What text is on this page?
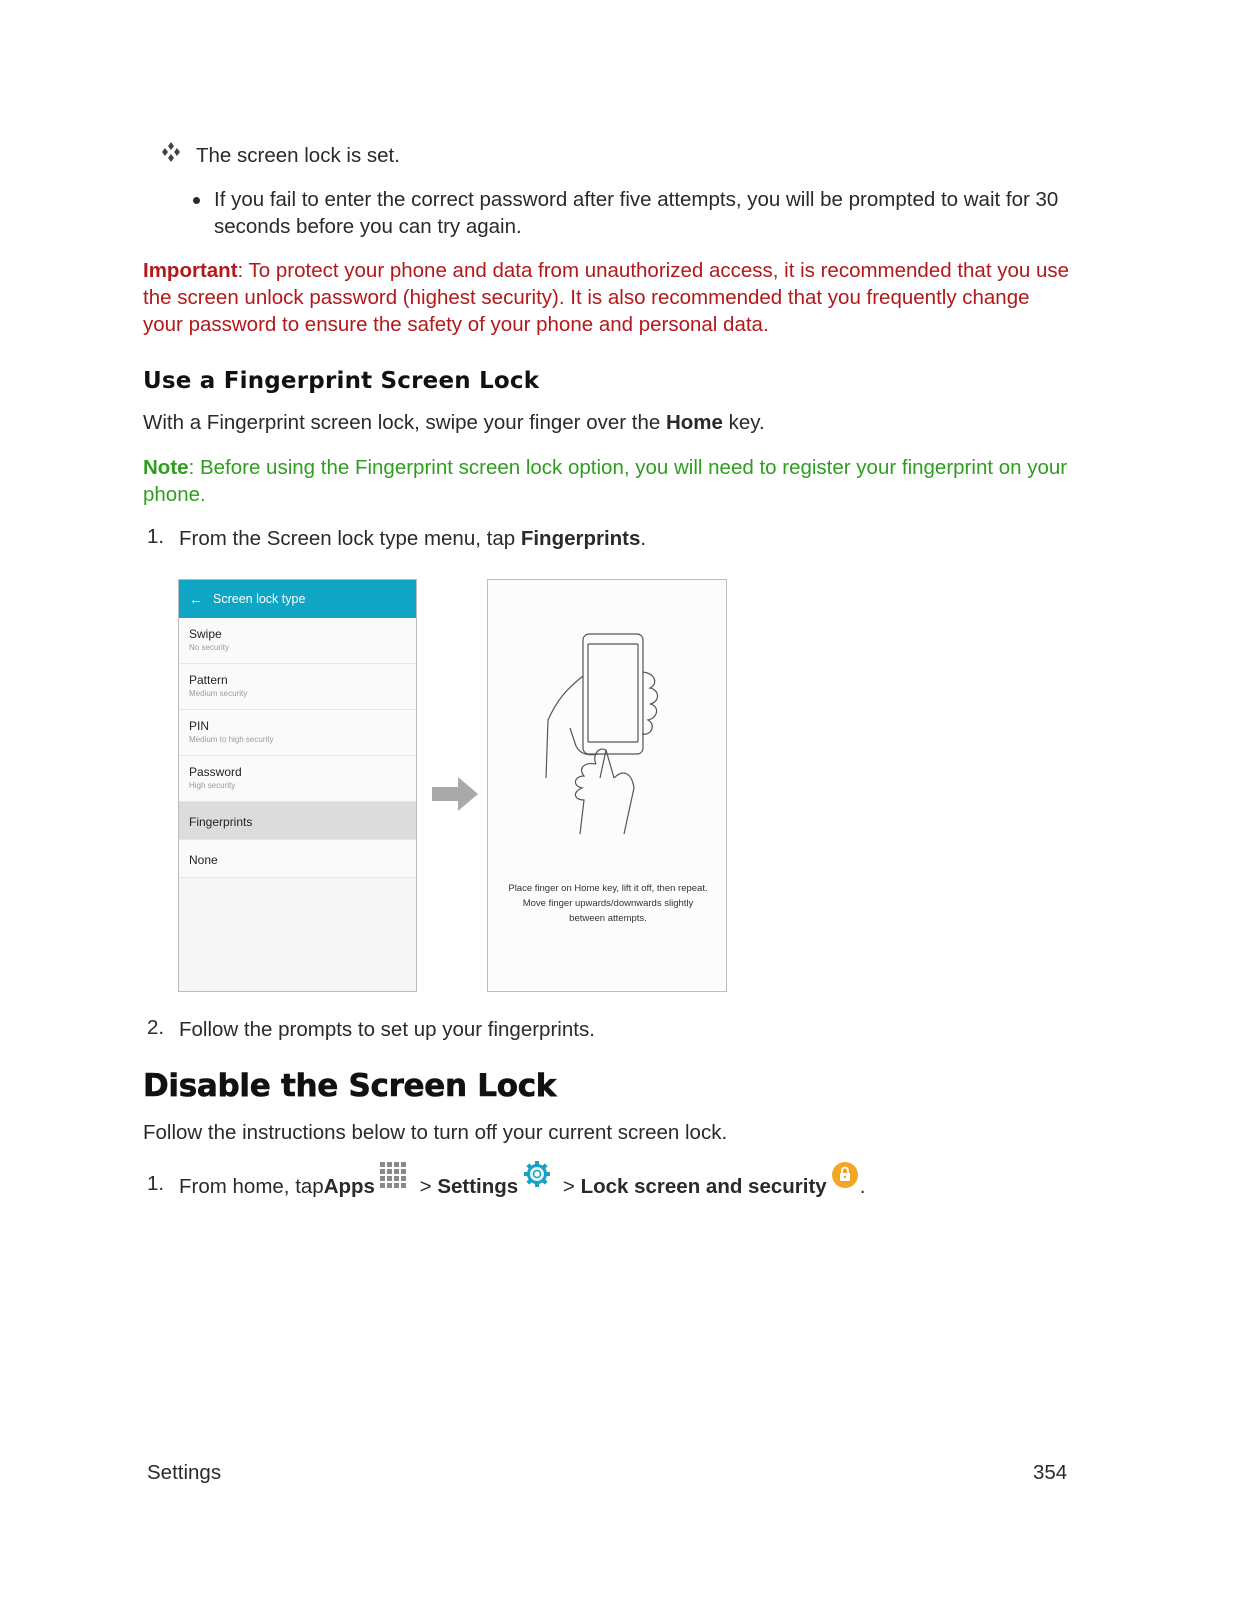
The screen lock is set.
If you fail to enter the correct password after five attempts, you will be prompted to wait for 30 seconds before you can try again.
Important: To protect your phone and data from unauthorized access, it is recommended that you use the screen unlock password (highest security). It is also recommended that you frequently change your password to ensure the safety of your phone and personal data.
Use a Fingerprint Screen Lock
With a Fingerprint screen lock, swipe your finger over the Home key.
Note: Before using the Fingerprint screen lock option, you will need to register your fingerprint on your phone.
1. From the Screen lock type menu, tap Fingerprints.
← Screen lock type
Swipe
No security
Pattern
Medium security
PIN
Medium to high security
Password
High security
Fingerprints
None
Place finger on Home key, lift it off, then repeat.
Move finger upwards/downwards slightly
between attempts.
2. Follow the prompts to set up your fingerprints.
Disable the Screen Lock
Follow the instructions below to turn off your current screen lock.
1. From home, tap Apps > Settings > Lock screen and security .
Settings	354
